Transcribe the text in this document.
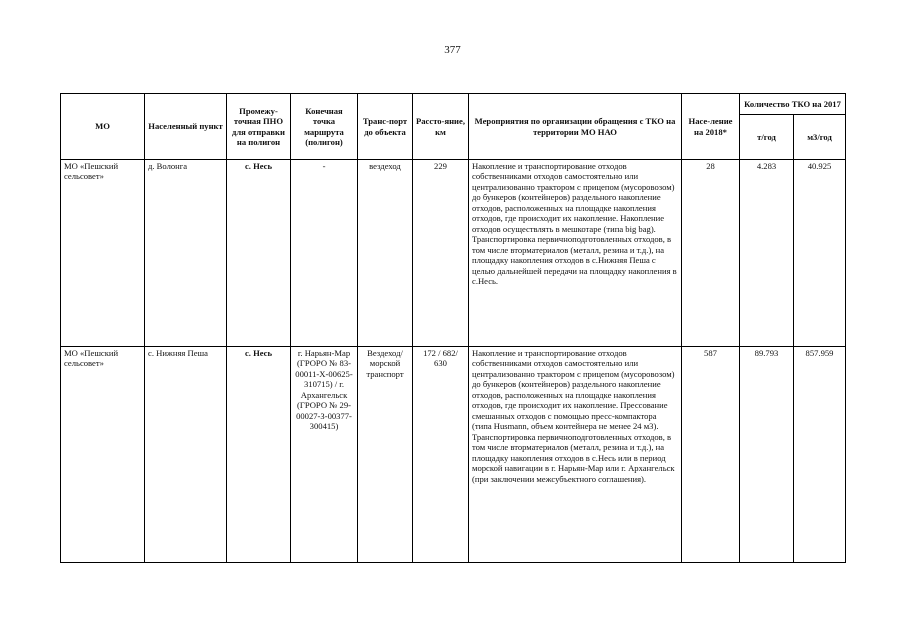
377
МО	Населенный пункт	Промежу-точная ПНО для отправки на полигон	Конечная точка маршрута (полигон)	Транс-порт до объекта	Рассто-яние, км	Мероприятия по организации обращения с ТКО на территории МО НАО	Насе-ление на 2018*	Количество ТКО на 2017	
								т/год	м3/год
МО «Пешский сельсовет»	д. Волонга	с. Несь	-	вездеход	229	Накопление и транспортирование отходов собственниками отходов самостоятельно или централизованно трактором с прицепом (мусоровозом) до бункеров (контейнеров) раздельного накопление отходов, расположенных на площадке накопления отходов, где происходит их накопление. Накопление отходов осуществлять в мешкотаре (типа big bag). Транспортировка первичноподготовленных отходов, в том числе вторматериалов (металл, резина и т.д.), на площадку накопления отходов в с.Нижняя Пеша с целью дальнейшей передачи на площадку накопления в с.Несь.	28	4.283	40.925
МО «Пешский сельсовет»	с. Нижняя Пеша	с. Несь	г. Нарьян-Мар (ГРОРО № 83-00011-Х-00625-310715) / г. Архангельск (ГРОРО № 29-00027-З-00377-300415)	Вездеход/ морской транспорт	172 / 682/ 630	Накопление и транспортирование отходов собственниками отходов самостоятельно или централизованно трактором с прицепом (мусоровозом) до бункеров (контейнеров) раздельного накопление отходов, расположенных на площадке накопления отходов, где происходит их накопление. Прессование смешанных отходов с помощью пресс-компактора (типа Husmann, объем контейнера не менее 24 м3). Транспортировка первичноподготовленных отходов, в том числе вторматериалов (металл, резина и т.д.), на площадку накопления отходов в с.Несь или в период морской навигации в г. Нарьян-Мар или г. Архангельск (при заключении межсубъектного соглашения).	587	89.793	857.959
